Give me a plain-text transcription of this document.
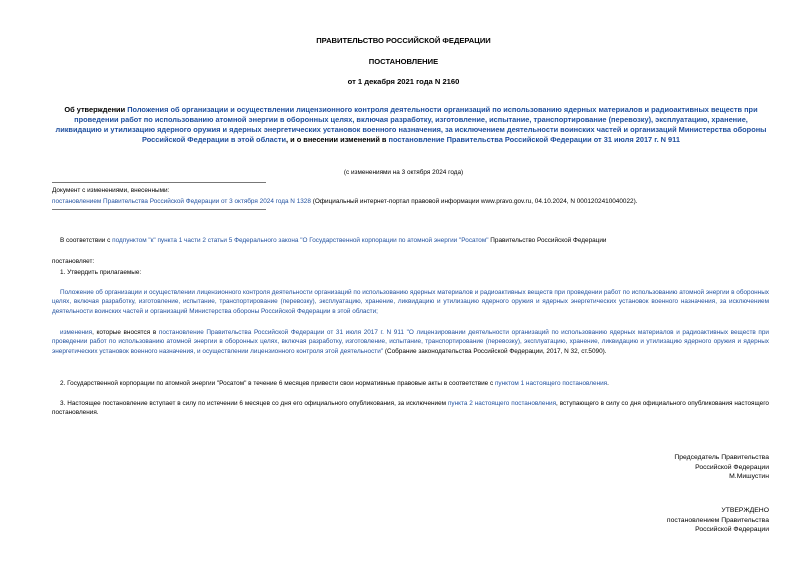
ПРАВИТЕЛЬСТВО РОССИЙСКОЙ ФЕДЕРАЦИИ
ПОСТАНОВЛЕНИЕ
от 1 декабря 2021 года N 2160
Об утверждении Положения об организации и осуществлении лицензионного контроля деятельности организаций по использованию ядерных материалов и радиоактивных веществ при проведении работ по использованию атомной энергии в оборонных целях, включая разработку, изготовление, испытание, транспортирование (перевозку), эксплуатацию, хранение, ликвидацию и утилизацию ядерного оружия и ядерных энергетических установок военного назначения, за исключением деятельности воинских частей и организаций Министерства обороны Российской Федерации в этой области, и о внесении изменений в постановление Правительства Российской Федерации от 31 июля 2017 г. N 911
(с изменениями на 3 октября 2024 года)
Документ с изменениями, внесенными:
постановлением Правительства Российской Федерации от 3 октября 2024 года N 1328 (Официальный интернет-портал правовой информации www.pravo.gov.ru, 04.10.2024, N 0001202410040022).
В соответствии с подпунктом "к" пункта 1 части 2 статьи 5 Федерального закона "О Государственной корпорации по атомной энергии "Росатом" Правительство Российской Федерации
постановляет:
1. Утвердить прилагаемые:
Положение об организации и осуществлении лицензионного контроля деятельности организаций по использованию ядерных материалов и радиоактивных веществ при проведении работ по использованию атомной энергии в оборонных целях, включая разработку, изготовление, испытание, транспортирование (перевозку), эксплуатацию, хранение, ликвидацию и утилизацию ядерного оружия и ядерных энергетических установок военного назначения, за исключением деятельности воинских частей и организаций Министерства обороны Российской Федерации в этой области;
изменения, которые вносятся в постановление Правительства Российской Федерации от 31 июля 2017 г. N 911 "О лицензировании деятельности организаций по использованию ядерных материалов и радиоактивных веществ при проведении работ по использованию атомной энергии в оборонных целях, включая разработку, изготовление, испытание, транспортирование (перевозку), эксплуатацию, хранение, ликвидацию и утилизацию ядерного оружия и ядерных энергетических установок военного назначения, и осуществлении лицензионного контроля этой деятельности" (Собрание законодательства Российской Федерации, 2017, N 32, ст.5090).
2. Государственной корпорации по атомной энергии "Росатом" в течение 6 месяцев привести свои нормативные правовые акты в соответствие с пунктом 1 настоящего постановления.
3. Настоящее постановление вступает в силу по истечении 6 месяцев со дня его официального опубликования, за исключением пункта 2 настоящего постановления, вступающего в силу со дня официального опубликования настоящего постановления.
Председатель Правительства
Российской Федерации
М.Мишустин
УТВЕРЖДЕНО
постановлением Правительства
Российской Федерации
